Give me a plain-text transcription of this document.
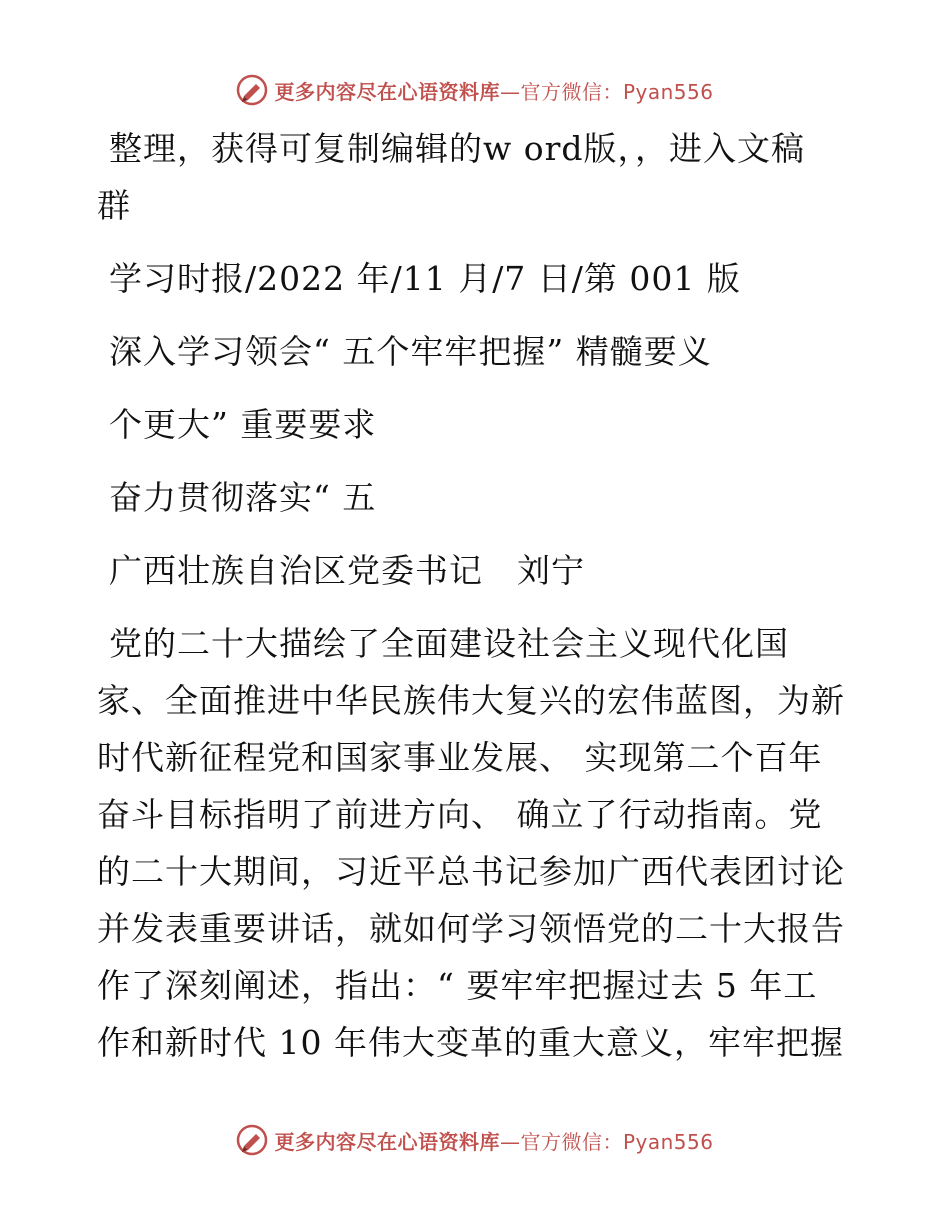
更多内容尽在心语资料库—官方微信：Pyan556
整理，获得可复制编辑的w ord版，，进入文稿
群
学习时报/2022 年/11 月/7 日/第 001 版
深入学习领会“ 五个牢牢把握” 精髓要义
个更大” 重要要求
奋力贯彻落实“ 五
广西壮族自治区党委书记　刘宁
党的二十大描绘了全面建设社会主义现代化国
家、全面推进中华民族伟大复兴的宏伟蓝图，为新
时代新征程党和国家事业发展、 实现第二个百年
奋斗目标指明了前进方向、 确立了行动指南。党
的二十大期间，习近平总书记参加广西代表团讨论
并发表重要讲话，就如何学习领悟党的二十大报告
作了深刻阐述，指出：“ 要牢牢把握过去 5 年工
作和新时代 10 年伟大变革的重大意义，牢牢把握
更多内容尽在心语资料库—官方微信：Pyan556
